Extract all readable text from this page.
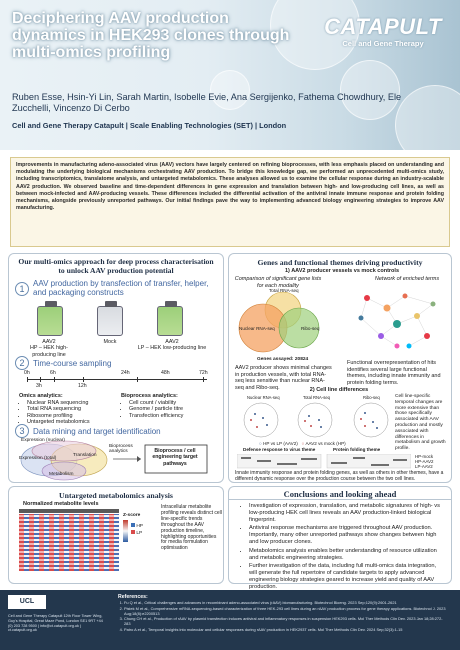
Deciphering AAV production dynamics in HEK293 clones through multi-omics profiling
CATAPULT
Cell and Gene Therapy
Ruben Esse, Hsin-Yi Lin, Sarah Martin, Isobelle Evie, Ana Sergijenko, Fathema Chowdhury, Ele Zucchelli, Vincenzo Di Cerbo
Cell and Gene Therapy Catapult | Scale Enabling Technologies (SET) | London
Improvements in manufacturing adeno-associated virus (AAV) vectors have largely centered on refining bioprocesses, with less emphasis placed on understanding and modulating the underlying biological mechanisms orchestrating AAV production. To bridge this knowledge gap, we performed an unprecedented multi-omics study, including transcriptomics, translatome analysis, and untargeted metabolomics. These analyses allowed us to examine the cellular response during an industry-scalable AAV2 production. We observed baseline and time-dependent differences in gene expression and translation between high- and low-producing cell lines, as well as between mock-infected and AAV-producing vessels. These differences included the differential activation of the antiviral innate immune response and protein folding mechanisms, alongside previously unreported pathways. Our initial findings pave the way to implementing advanced biology engineering strategies to improve AAV manufacturing.
Our multi-omics approach for deep process characterisation to unlock AAV production potential
1
AAV production by transfection of transfer, helper, and packaging constructs
AAV2
HP – HEK high-producing line
Mock	AAV2
LP – HEK low-producing line
2	Time-course sampling
0h	6h	24h	48h
3h	12h
72h
Omics analytics:
• Nuclear RNA sequencing
• Total RNA sequencing
• Ribosome profiling
• Untargeted metabolomics
Bioprocess analytics:
• Cell count / viability
• Genome / particle titre
• Transfection efficiency
3	Data mining and target identification
Expression (nuclear)
Expression (total)
Translation
Metabolism
Bioprocess analytics	Bioprocess / cell engineering target pathways
Genes and functional themes driving productivity
1) AAV2 producer vessels vs mock controls
Comparison of significant gene lists for each modality
Total RNA-seq
Nuclear RNA-seq	Ribo-seq
Genes assayed: 20824
Network of enriched terms
AAV2 producer shows minimal changes in production vessels, with total RNA-seq less sensitive than nuclear RNA-seq and Ribo-seq.
Functional overrepresentation of hits identifies several large functional themes, including innate immunity and protein folding terms.
2) Cell line differences
Nuclear RNA-seq	Total RNA-seq	Ribo-seq	Cell line-specific temporal changes are more extensive than those specifically associated with AAV production and mostly associated with differences in metabolism and growth profile.
○ HP vs LP (AAV2) ○ AAV2 vs mock (HP)
Defense response to virus theme	Protein folding theme
HP-mock
HP-AAV2
LP-AAV2
Innate immunity response and protein folding genes, as well as others in other themes, have a different dynamic response over the production course between the two cell lines.
Untargeted metabolomics analysis
Normalized metabolite levels
Z-score
HP
LP
Intracellular metabolite profiling reveals distinct cell line-specific trends throughout the AAV production timeline, highlighting opportunities for media formulation optimisation
Conclusions and looking ahead
• Investigation of expression, translation, and metabolic signatures of high- vs low-producing HEK cell lines reveals an AAV production-linked biological fingerprint.
• Antiviral response mechanisms are triggered throughout AAV production. Importantly, many other unreported pathways show changes between high and low producer clones.
• Metabolomics analysis enables better understanding of resource utilization and metabolic engineering strategies.
• Further investigation of the data, including full multi-omics data integration, will generate the full repertoire of candidate targets to apply advanced engineering biology strategies geared to increase yield and quality of AAV production.
UCL
Cell and Gene Therapy Catapult 12th Floor Tower Wing, Guy's Hospital, Great Maze Pond, London SE1 9RT +44 (0) 203 728 9500 | info@ct.catapult.org.uk | ct.catapult.org.uk
References:
1. Fu Q et al., Critical challenges and advances in recombinant adeno-associated virus (rAAV) biomanufacturing. Biotechnol Bioeng. 2023 Sep;120(9):2601-2621
2. Pistek M et al., Comprehensive mRNA-sequencing-based characterization of three HEK-293 cell lines during an rAAV production process for gene therapy applications. Biotechnol J. 2023 Aug;18(8):e2200513
3. Chung CH et al., Production of rAAV by plasmid transfection induces antiviral and inflammatory responses in suspension HEK293 cells. Mol Ther Methods Clin Dev. 2023 Jan 18;28:272-283
4. Patro A et al., Temporal insights into molecular and cellular responses during rAAV production in HEK293T cells. Mol Ther Methods Clin Dev. 2024 Sep;32(3):1-15
